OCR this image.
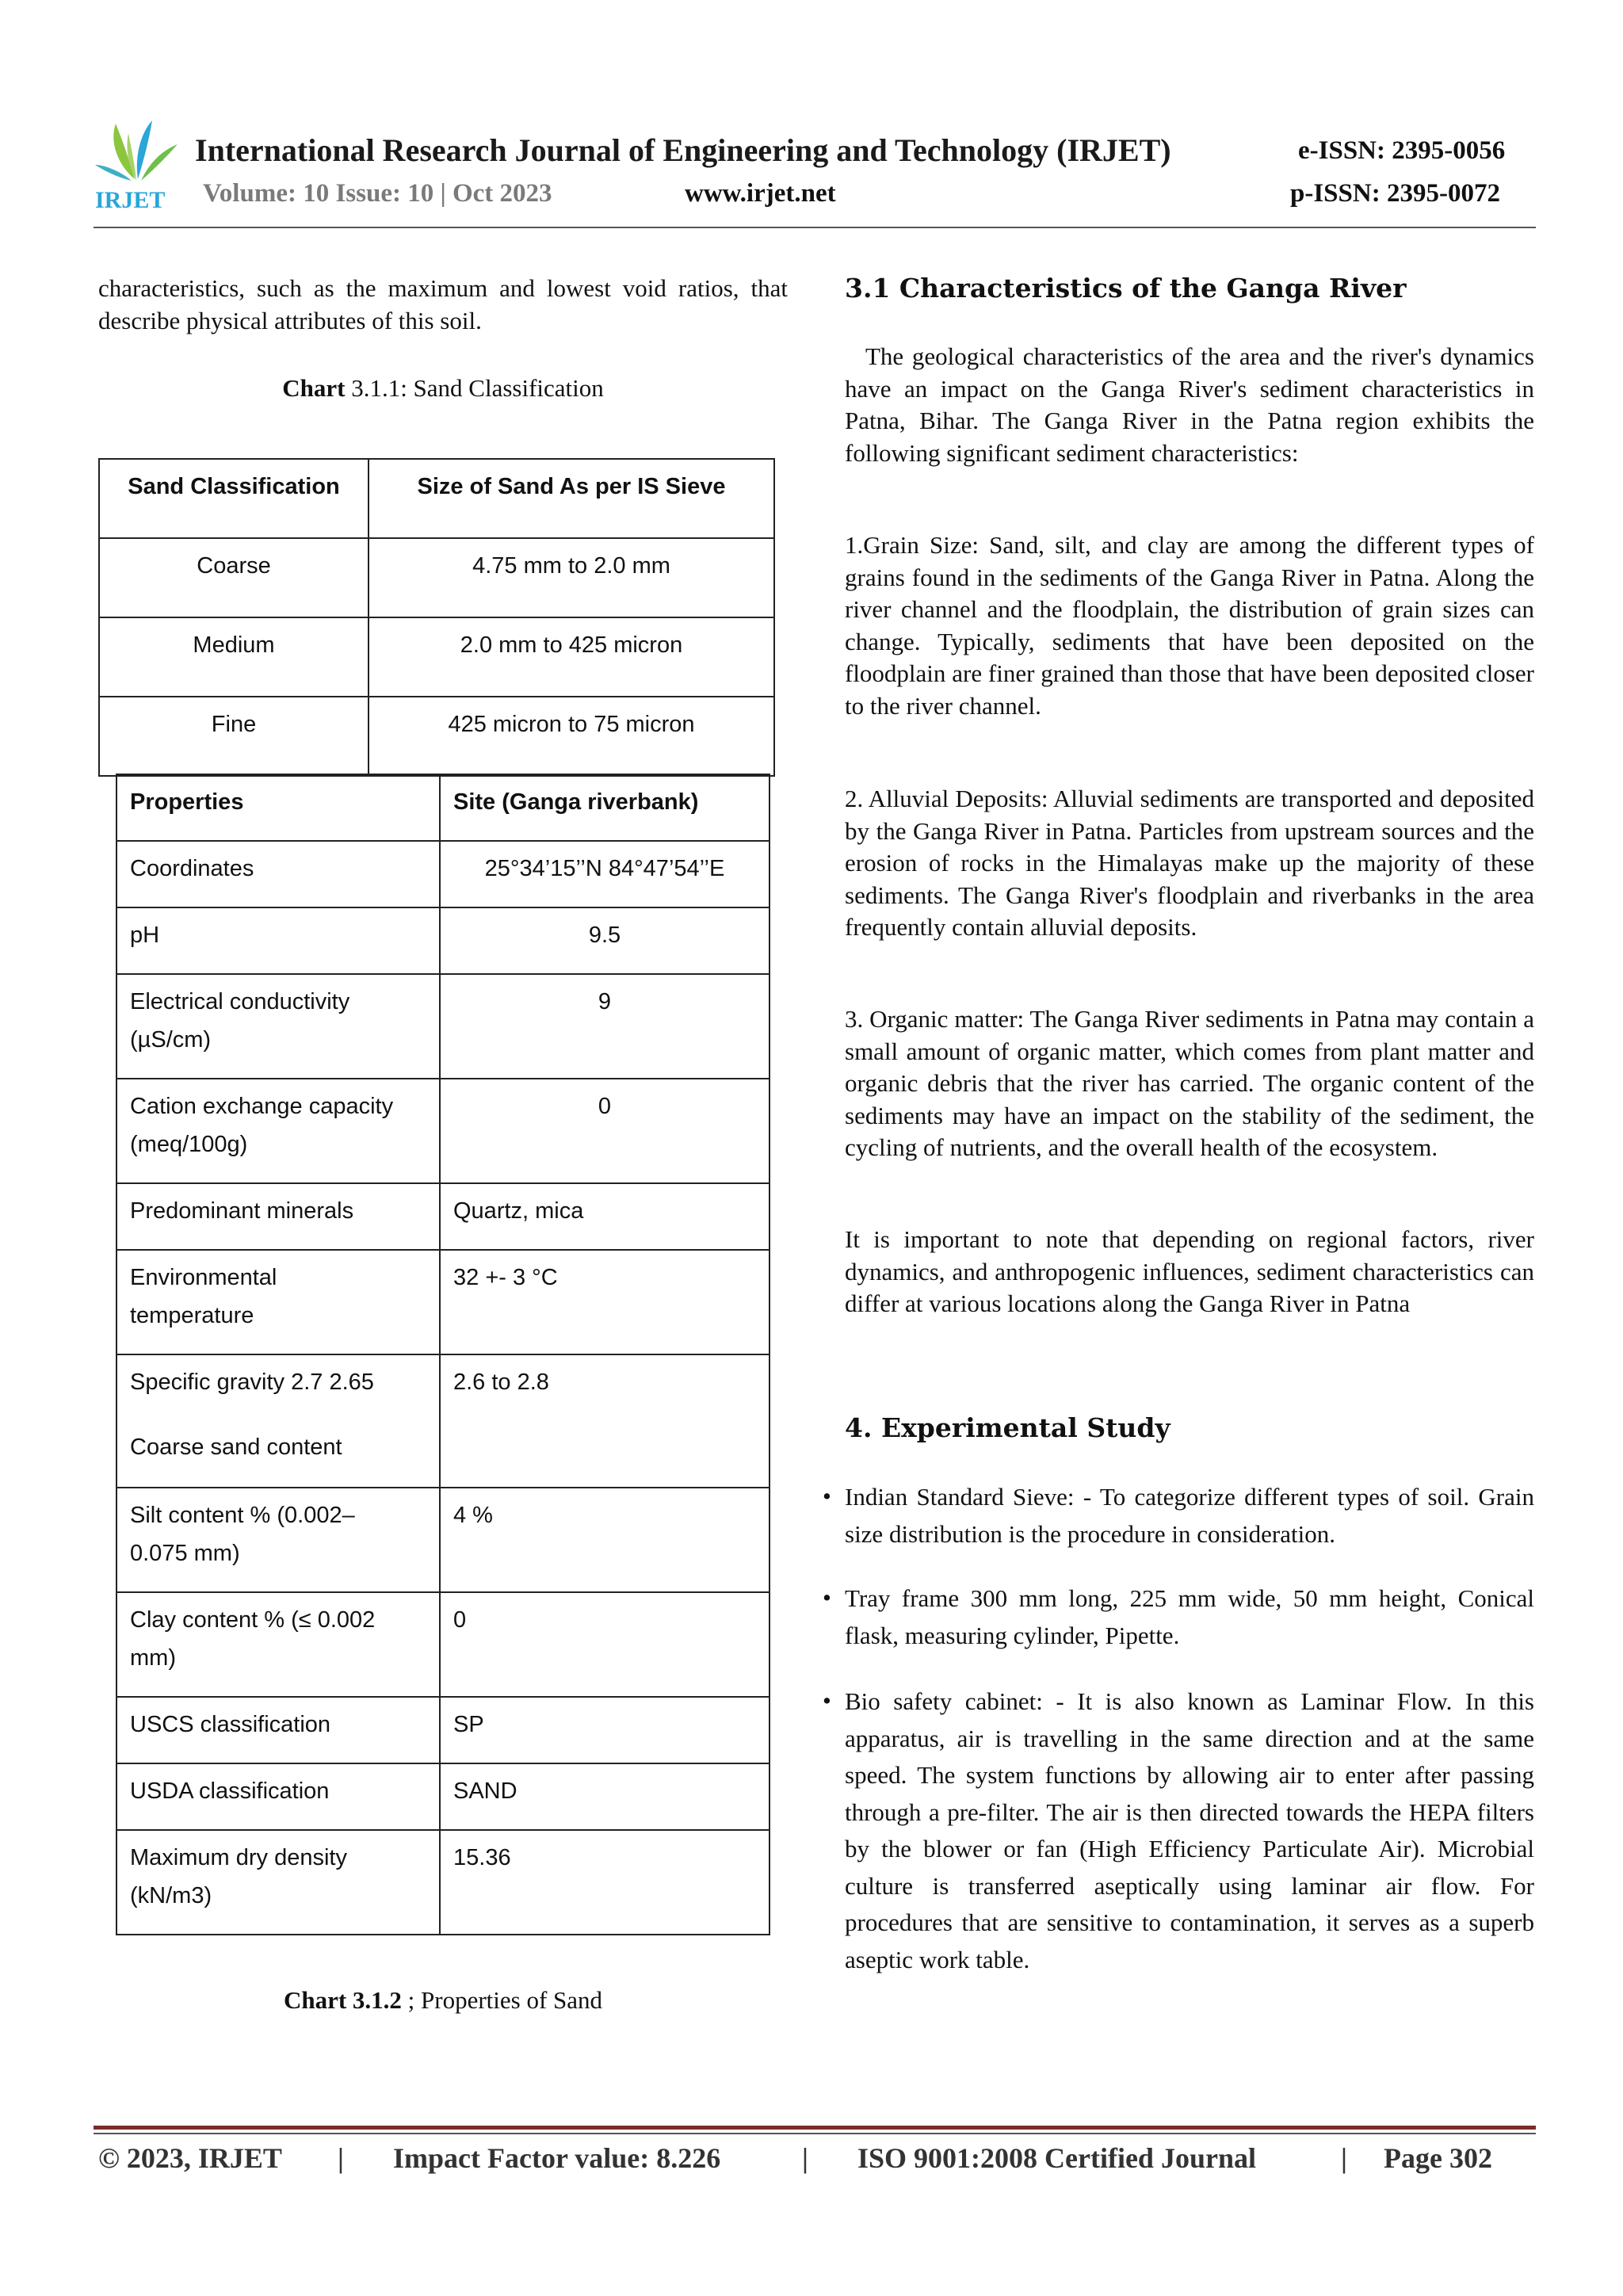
IRJET
International Research Journal of Engineering and Technology (IRJET)	e-ISSN: 2395-0056
Volume: 10 Issue: 10 | Oct 2023	www.irjet.net	p-ISSN: 2395-0072

characteristics, such as the maximum and lowest void ratios, that describe physical attributes of this soil.

Chart 3.1.1: Sand Classification
Sand Classification	Size of Sand As per IS Sieve
Coarse	4.75 mm to 2.0 mm
Medium	2.0 mm to 425 micron
Fine	425 micron to 75 micron
Properties	Site (Ganga riverbank)
Coordinates	25°34’15’’N 84°47’54’’E
pH	9.5
Electrical conductivity
(µS/cm)	9
Cation exchange capacity
(meq/100g)	0
Predominant minerals	Quartz, mica
Environmental
temperature	32 +- 3 °C
Specific gravity 2.7 2.65
Coarse sand content	2.6 to 2.8
Silt content % (0.002–
0.075 mm)	4 %
Clay content % (≤ 0.002
mm)	0
USCS classification	SP
USDA classification	SAND
Maximum dry density
(kN/m3)	15.36
Chart 3.1.2 ; Properties of Sand
3.1 Characteristics of the Ganga River

The geological characteristics of the area and the river's dynamics have an impact on the Ganga River's sediment characteristics in Patna, Bihar. The Ganga River in the Patna region exhibits the following significant sediment characteristics:

1.Grain Size: Sand, silt, and clay are among the different types of grains found in the sediments of the Ganga River in Patna. Along the river channel and the floodplain, the distribution of grain sizes can change. Typically, sediments that have been deposited on the floodplain are finer grained than those that have been deposited closer to the river channel.

2. Alluvial Deposits: Alluvial sediments are transported and deposited by the Ganga River in Patna. Particles from upstream sources and the erosion of rocks in the Himalayas make up the majority of these sediments. The Ganga River's floodplain and riverbanks in the area frequently contain alluvial deposits.

3. Organic matter: The Ganga River sediments in Patna may contain a small amount of organic matter, which comes from plant matter and organic debris that the river has carried. The organic content of the sediments may have an impact on the stability of the sediment, the cycling of nutrients, and the overall health of the ecosystem.

It is important to note that depending on regional factors, river dynamics, and anthropogenic influences, sediment characteristics can differ at various locations along the Ganga River in Patna

4. Experimental Study
• Indian Standard Sieve: - To categorize different types of soil. Grain size distribution is the procedure in consideration.

• Tray frame 300 mm long, 225 mm wide, 50 mm height, Conical flask, measuring cylinder, Pipette.

• Bio safety cabinet: - It is also known as Laminar Flow. In this apparatus, air is travelling in the same direction and at the same speed. The system functions by allowing air to enter after passing through a pre-filter. The air is then directed towards the HEPA filters by the blower or fan (High Efficiency Particulate Air). Microbial culture is transferred aseptically using laminar air flow. For procedures that are sensitive to contamination, it serves as a superb aseptic work table.

© 2023, IRJET | Impact Factor value: 8.226	| ISO 9001:2008 Certified Journal	| Page 302
